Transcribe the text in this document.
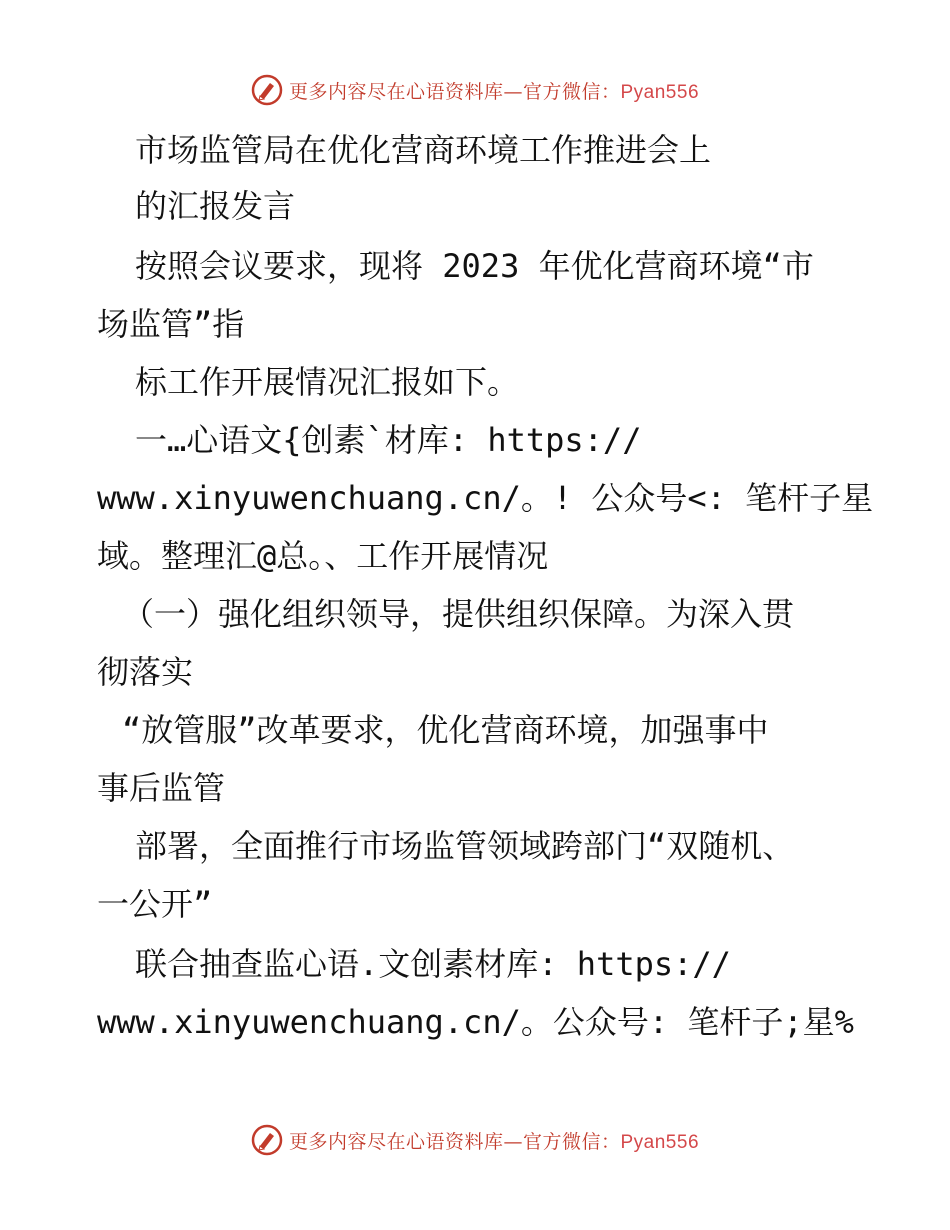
更多内容尽在心语资料库—官方微信：Pyan556
市场监管局在优化营商环境工作推进会上
的汇报发言
按照会议要求，现将 2023 年优化营商环境“市
场监管”指
标工作开展情况汇报如下。
一…心语文{创素`材库: https://
www.xinyuwenchuang.cn/。! 公众号<: 笔杆子星
域。整理汇@总。、工作开展情况
（一）强化组织领导，提供组织保障。为深入贯
彻落实
“放管服”改革要求，优化营商环境，加强事中
事后监管
部署，全面推行市场监管领域跨部门“双随机、
一公开”
联合抽查监心语.文创素材库: https://
www.xinyuwenchuang.cn/。公众号: 笔杆子;星%
更多内容尽在心语资料库—官方微信：Pyan556
